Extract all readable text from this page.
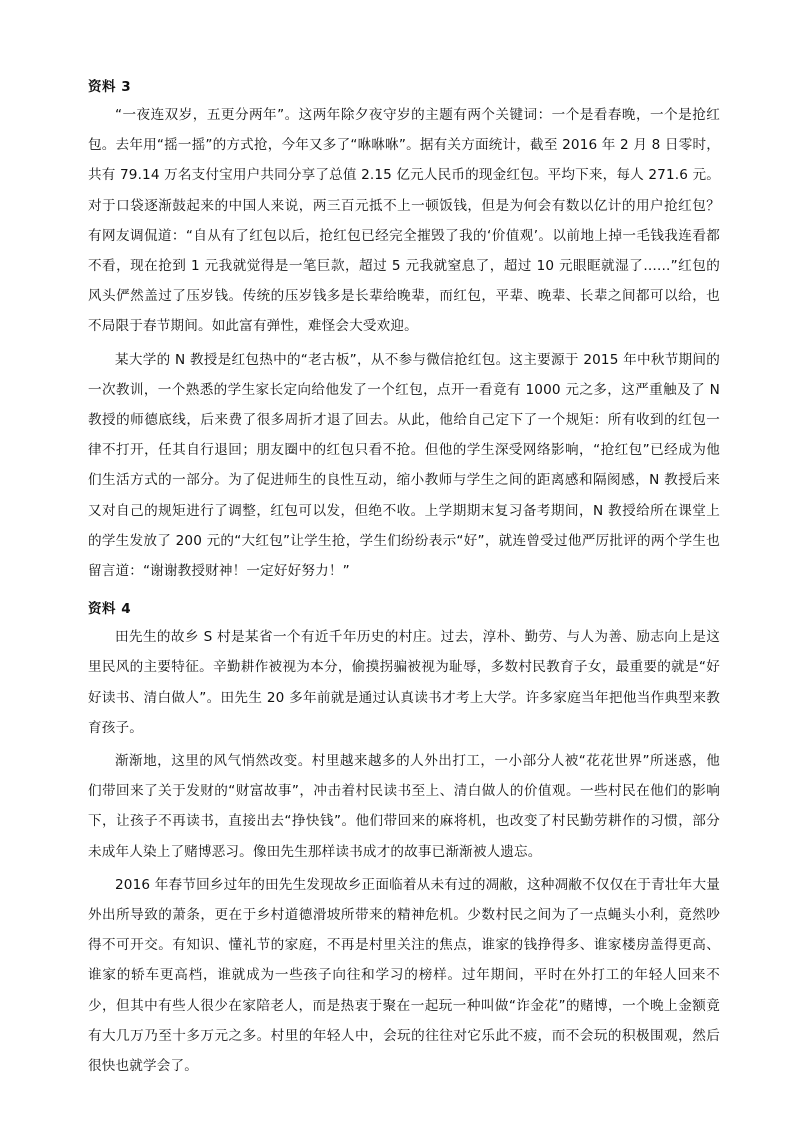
资料 3

“一夜连双岁，五更分两年”。这两年除夕夜守岁的主题有两个关键词：一个是看春晚，一个是抢红包。去年用“摇一摇”的方式抢，今年又多了“咻咻咻”。据有关方面统计，截至 2016 年 2 月 8 日零时，共有 79.14 万名支付宝用户共同分享了总值 2.15 亿元人民币的现金红包。平均下来，每人 271.6 元。对于口袋逐渐鼓起来的中国人来说，两三百元抵不上一顿饭钱，但是为何会有数以亿计的用户抢红包？有网友调侃道：“自从有了红包以后，抢红包已经完全摧毁了我的‘价值观’。以前地上掉一毛钱我连看都不看，现在抢到 1 元我就觉得是一笔巨款，超过 5 元我就窒息了，超过 10 元眼眶就湿了……”红包的风头俨然盖过了压岁钱。传统的压岁钱多是长辈给晚辈，而红包，平辈、晚辈、长辈之间都可以给，也不局限于春节期间。如此富有弹性，难怪会大受欢迎。

某大学的 N 教授是红包热中的“老古板”，从不参与微信抢红包。这主要源于 2015 年中秋节期间的一次教训，一个熟悉的学生家长定向给他发了一个红包，点开一看竟有 1000 元之多，这严重触及了 N 教授的师德底线，后来费了很多周折才退了回去。从此，他给自己定下了一个规矩：所有收到的红包一律不打开，任其自行退回；朋友圈中的红包只看不抢。但他的学生深受网络影响，“抢红包”已经成为他们生活方式的一部分。为了促进师生的良性互动，缩小教师与学生之间的距离感和隔阂感，N 教授后来又对自己的规矩进行了调整，红包可以发，但绝不收。上学期期末复习备考期间，N 教授给所在课堂上的学生发放了 200 元的“大红包”让学生抢，学生们纷纷表示“好”，就连曾受过他严厉批评的两个学生也留言道：“谢谢教授财神！一定好好努力！”

资料 4

田先生的故乡 S 村是某省一个有近千年历史的村庄。过去，淳朴、勤劳、与人为善、励志向上是这里民风的主要特征。辛勤耕作被视为本分，偷摸拐骗被视为耻辱，多数村民教育子女，最重要的就是“好好读书、清白做人”。田先生 20 多年前就是通过认真读书才考上大学。许多家庭当年把他当作典型来教育孩子。

渐渐地，这里的风气悄然改变。村里越来越多的人外出打工，一小部分人被“花花世界”所迷惑，他们带回来了关于发财的“财富故事”，冲击着村民读书至上、清白做人的价值观。一些村民在他们的影响下，让孩子不再读书，直接出去“挣快钱”。他们带回来的麻将机，也改变了村民勤劳耕作的习惯，部分未成年人染上了赌博恶习。像田先生那样读书成才的故事已渐渐被人遗忘。

2016 年春节回乡过年的田先生发现故乡正面临着从未有过的凋敝，这种凋敝不仅仅在于青壮年大量外出所导致的萧条，更在于乡村道德滑坡所带来的精神危机。少数村民之间为了一点蝇头小利，竟然吵得不可开交。有知识、懂礼节的家庭，不再是村里关注的焦点，谁家的钱挣得多、谁家楼房盖得更高、谁家的轿车更高档，谁就成为一些孩子向往和学习的榜样。过年期间，平时在外打工的年轻人回来不少，但其中有些人很少在家陪老人，而是热衷于聚在一起玩一种叫做“诈金花”的赌博，一个晚上金额竟有大几万乃至十多万元之多。村里的年轻人中，会玩的往往对它乐此不疲，而不会玩的积极围观，然后很快也就学会了。
